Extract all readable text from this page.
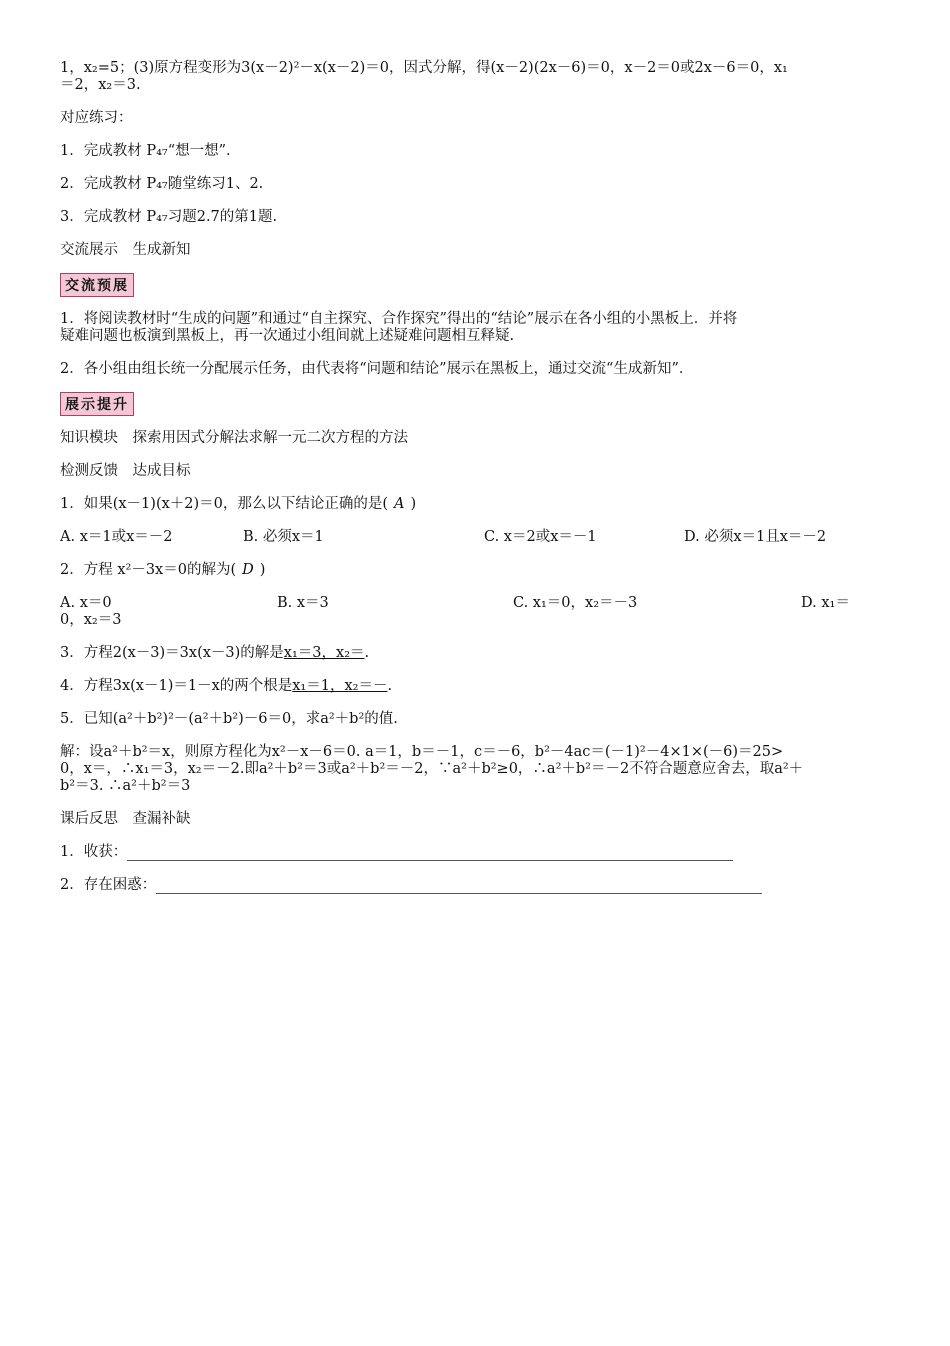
1，x₂=5；(3)原方程变形为3(x－2)²－x(x－2)＝0，因式分解，得(x－2)(2x－6)＝0，x－2＝0或2x－6＝0，x₁

＝2，x₂＝3.

对应练习：

1．完成教材 P₄₇“想一想”．

2．完成教材 P₄₇随堂练习1、2.

3．完成教材 P₄₇习题2.7的第1题.

交流展示　生成新知

交流预展

1．将阅读教材时“生成的问题”和通过“自主探究、合作探究”得出的“结论”展示在各小组的小黑板上．并将

疑难问题也板演到黑板上，再一次通过小组间就上述疑难问题相互释疑.

2．各小组由组长统一分配展示任务，由代表将“问题和结论”展示在黑板上，通过交流“生成新知”．

展示提升

知识模块　探索用因式分解法求解一元二次方程的方法

检测反馈　达成目标

1．如果(x－1)(x＋2)＝0，那么以下结论正确的是( A )

A. x＝1或x＝－2	B. 必须x＝1	C. x＝2或x＝－1	D. 必须x＝1且x＝－2

2．方程 x²－3x＝0的解为( D )

A. x＝0	B. x＝3	C. x₁＝0，x₂＝－3	D. x₁＝
0，x₂＝3

3．方程2(x－3)＝3x(x－3)的解是x₁＝3，x₂＝.

4．方程3x(x－1)＝1－x的两个根是x₁＝1，x₂＝－.

5．已知(a²＋b²)²－(a²＋b²)－6＝0，求a²＋b²的值.

解：设a²＋b²＝x，则原方程化为x²－x－6＝0. a＝1，b＝－1，c＝－6，b²－4ac＝(－1)²－4×1×(－6)＝25>

0，x＝，∴x₁＝3，x₂＝－2.即a²＋b²＝3或a²＋b²＝－2，∵a²＋b²≥0，∴a²＋b²＝－2不符合题意应舍去，取a²＋

b²＝3. ∴a²＋b²＝3

课后反思　查漏补缺

1．收获：

2．存在困惑：
